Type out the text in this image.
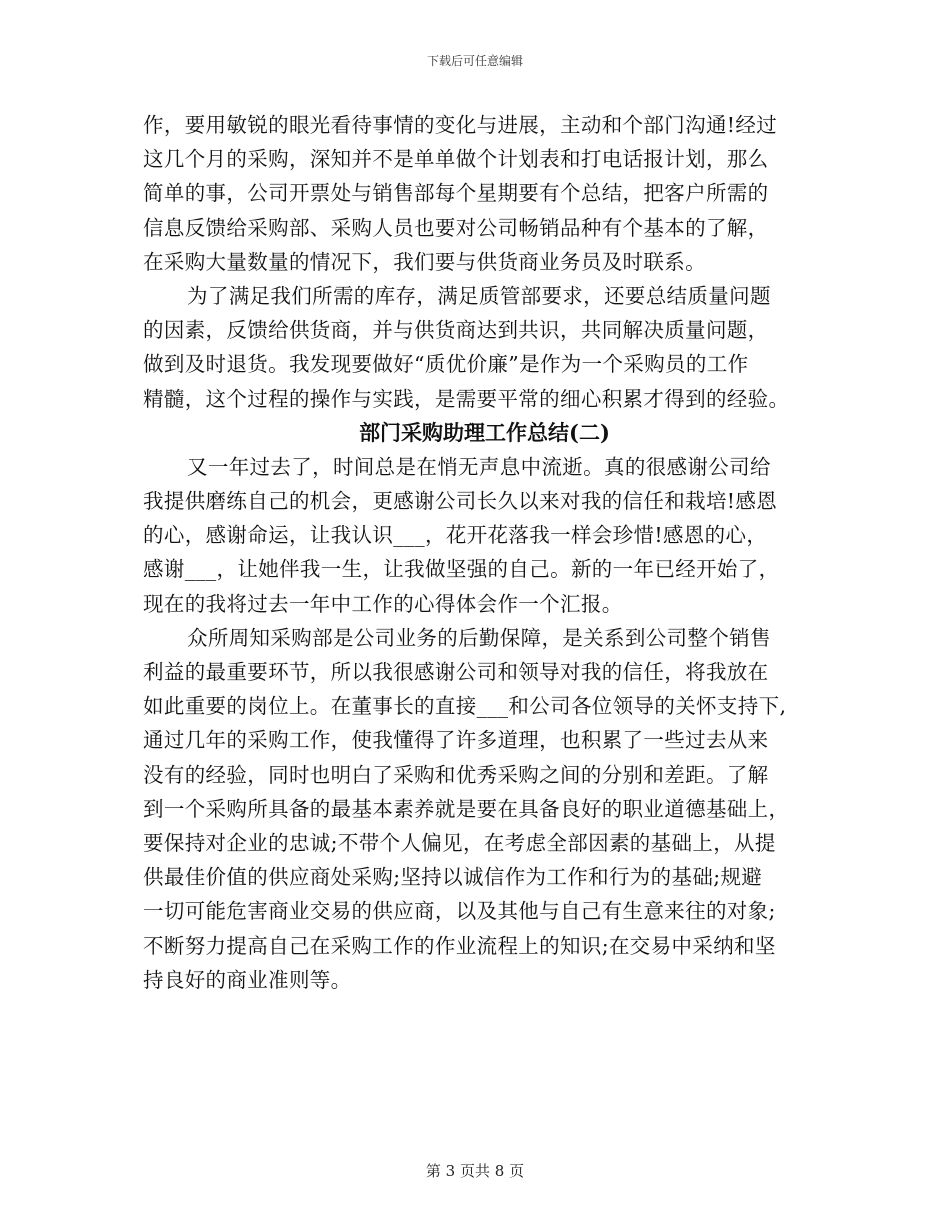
下载后可任意编辑
作，要用敏锐的眼光看待事情的变化与进展，主动和个部门沟通!经过
这几个月的采购，深知并不是单单做个计划表和打电话报计划，那么
简单的事，公司开票处与销售部每个星期要有个总结，把客户所需的
信息反馈给采购部、采购人员也要对公司畅销品种有个基本的了解，
在采购大量数量的情况下，我们要与供货商业务员及时联系。
为了满足我们所需的库存，满足质管部要求，还要总结质量问题
的因素，反馈给供货商，并与供货商达到共识，共同解决质量问题，
做到及时退货。我发现要做好“质优价廉”是作为一个采购员的工作
精髓，这个过程的操作与实践，是需要平常的细心积累才得到的经验。
部门采购助理工作总结(二)
又一年过去了，时间总是在悄无声息中流逝。真的很感谢公司给
我提供磨练自己的机会，更感谢公司长久以来对我的信任和栽培!感恩
的心，感谢命运，让我认识___，花开花落我一样会珍惜!感恩的心，
感谢___，让她伴我一生，让我做坚强的自己。新的一年已经开始了，
现在的我将过去一年中工作的心得体会作一个汇报。
众所周知采购部是公司业务的后勤保障，是关系到公司整个销售
利益的最重要环节，所以我很感谢公司和领导对我的信任，将我放在
如此重要的岗位上。在董事长的直接___和公司各位领导的关怀支持下,
通过几年的采购工作，使我懂得了许多道理，也积累了一些过去从来
没有的经验，同时也明白了采购和优秀采购之间的分别和差距。了解
到一个采购所具备的最基本素养就是要在具备良好的职业道德基础上，
要保持对企业的忠诚;不带个人偏见，在考虑全部因素的基础上，从提
供最佳价值的供应商处采购;坚持以诚信作为工作和行为的基础;规避
一切可能危害商业交易的供应商，以及其他与自己有生意来往的对象;
不断努力提高自己在采购工作的作业流程上的知识;在交易中采纳和坚
持良好的商业准则等。
第 3 页共 8 页
